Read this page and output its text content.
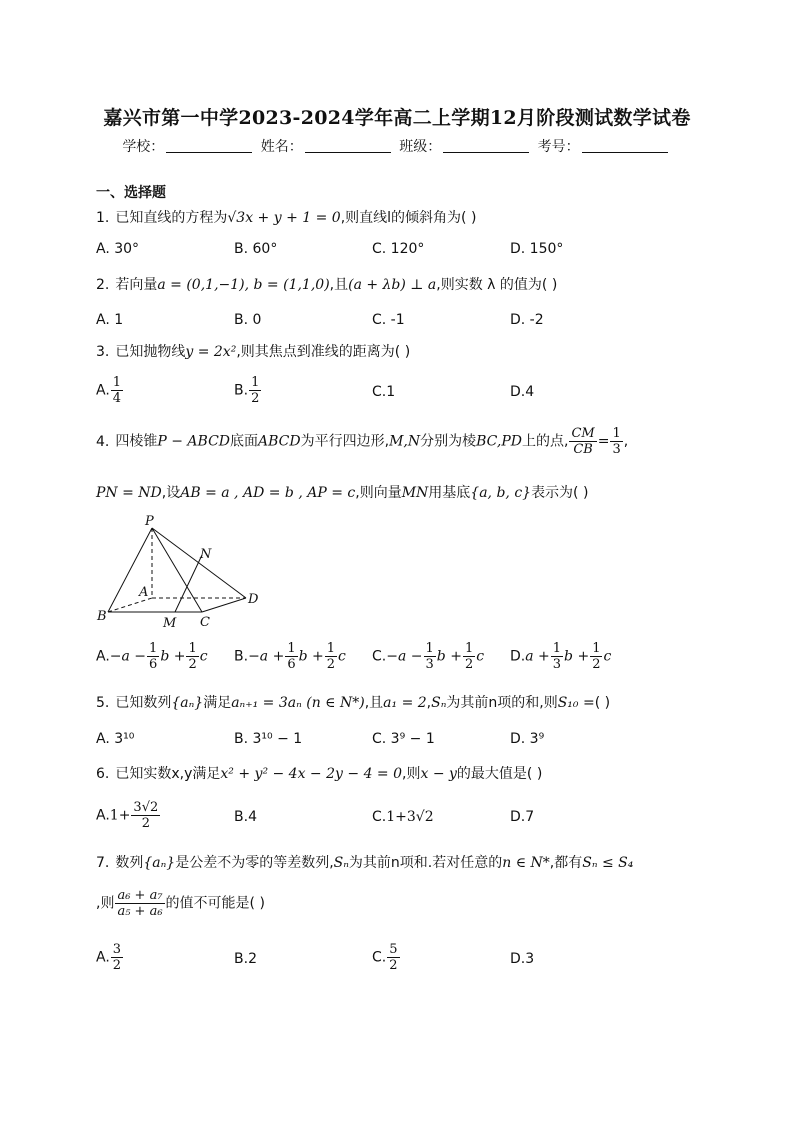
嘉兴市第一中学2023-2024学年高二上学期12月阶段测试数学试卷
学校：	姓名：	班级：	考号：
一、选择题
1. 已知直线的方程为√3x + y + 1 = 0,则直线l的倾斜角为( )
A. 30°	B. 60°	C. 120°	D. 150°
2. 若向量a = (0,1,−1), b = (1,1,0),且(a + λb) ⊥ a,则实数 λ 的值为( )
A. 1	B. 0	C. -1	D. -2
3. 已知抛物线y = 2x²,则其焦点到准线的距离为( )
A. $\frac{1}{4}$	B. $\frac{1}{2}$	C.1	D.4
4. 四棱锥P − ABCD底面ABCD为平行四边形,M,N分别为棱BC,PD上的点, $\frac{CM}{CB} = \frac{1}{3}$ ,
PN = ND,设AB = a , AD = b , AP = c,则向量MN用基底{a, b, c}表示为( )
P
N
A	D
B	M C
$A.-a - \frac{1}{6}$ $b + \frac{1}{2}$ c $B.-a + \frac{1}{6}$ $b + \frac{1}{2}$ c $C.-a - \frac{1}{3}$ $b + \frac{1}{2}$ c $D.a + \frac{1}{3}$ $b + \frac{1}{2}$ c
5. 已知数列{aₙ}满足aₙ₊₁ = 3aₙ (n ∈ N*),且a₁ = 2,Sₙ为其前n项的和,则S₁₀ =( )
A. 3¹⁰	B. 3¹⁰ − 1	C. 3⁹ − 1	D. 3⁹
6. 已知实数x,y满足x² + y² − 4x − 2y − 4 = 0,则x − y的最大值是( )
$A.1+ \frac{3√2}{2}$	B.4	C.1+3√2	D.7
7. 数列{aₙ}是公差不为零的等差数列,Sₙ为其前n项和.若对任意的n ∈ N*,都有Sₙ ≤ S₄
,则 $\frac{\text{a₆ + a₇}}{\text{a₅ + a₆}}$ 的值不可能是( )
A. $\frac{3}{2}$	B.2	C. $\frac{5}{2}$	D.3
